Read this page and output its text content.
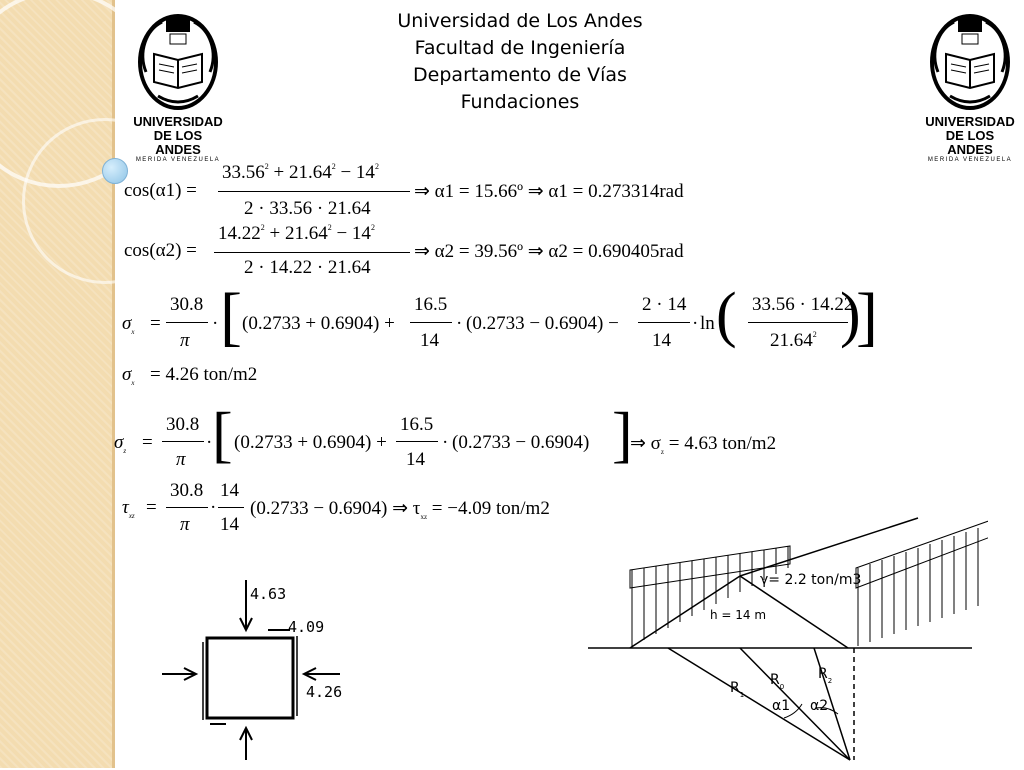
Universidad de Los Andes
Facultad de Ingeniería
Departamento de Vías
Fundaciones
UNIVERSIDAD
DE LOS ANDES
MERIDA VENEZUELA
UNIVERSIDAD
DE LOS ANDES
MERIDA VENEZUELA
cos(α1) =
$33.56^2 + 21.64^2 - 14^2$
2 · 33.56 · 21.64
⇒ α1 = 15.66º ⇒ α1 = 0.273314rad
cos(α2) =
$14.22^2 + 21.64^2 - 14^2$
2 · 14.22 · 21.64
⇒ α2 = 39.56º ⇒ α2 = 0.690405rad
$\sigma_x$ =
30.8
π
· [ (0.2733 + 0.6904) +
16.5
14
· (0.2733 − 0.6904) −
2 · 14
14
· ln ( 33.56 · 14.22
21.64$^2$ )
]
$\sigma_x = 4.26$ ton/m2
$\sigma_z$ =
30.8
π
· [ (0.2733 + 0.6904) +
16.5
14
· (0.2733 − 0.6904) ]
⇒ $\sigma_z = 4.63$ ton/m2
$\tau_{xz}$ =
30.8
π
·
14
14
(0.2733 − 0.6904) ⇒ $\tau_{xz} = -4.09$ ton/m2
4.63
4.09
4.26
γ= 2.2 ton/m3
h = 14 m
$R_1$
$R_0$
$R_2$
α1 α2
